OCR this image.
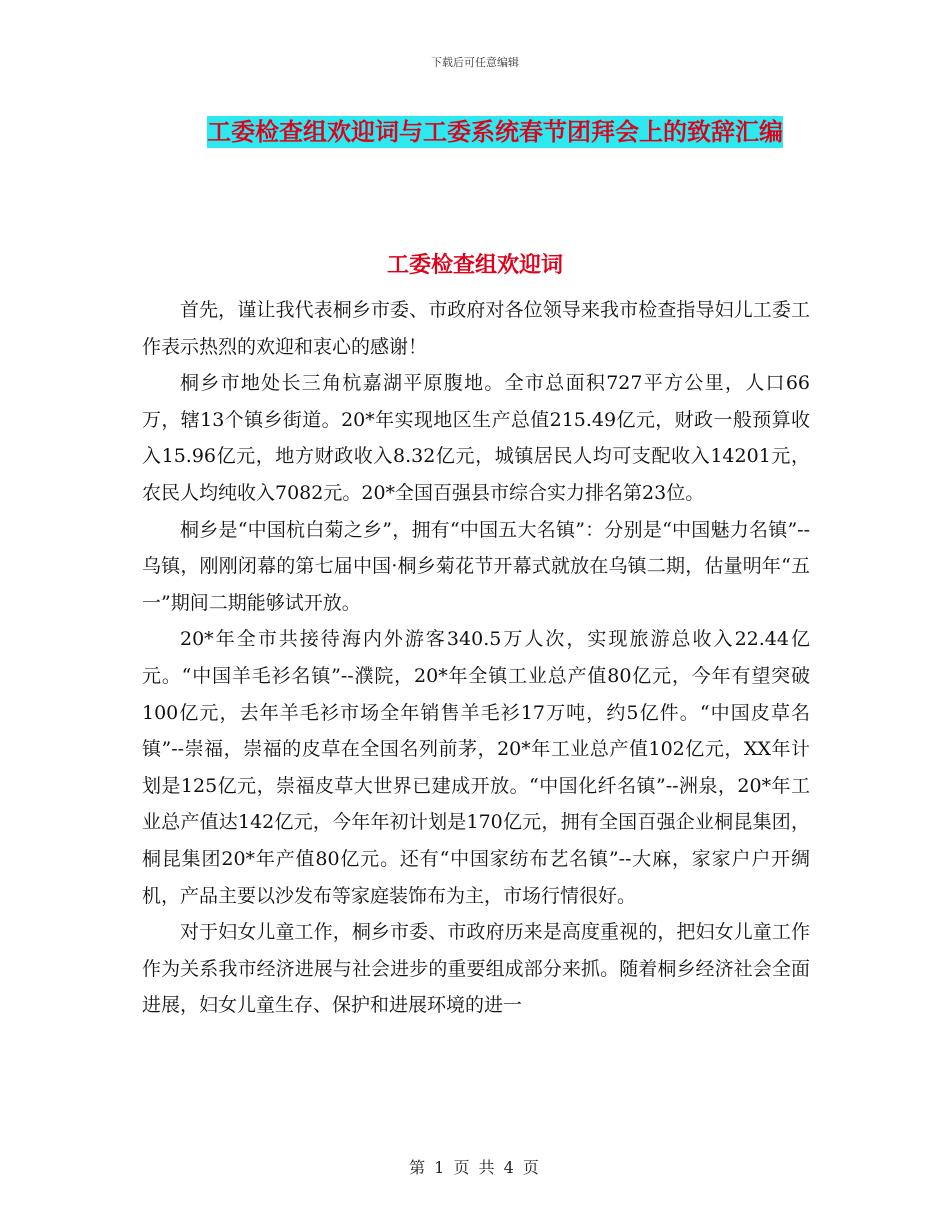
下载后可任意编辑
工委检查组欢迎词与工委系统春节团拜会上的致辞汇编
工委检查组欢迎词

首先，谨让我代表桐乡市委、市政府对各位领导来我市检查指导妇儿工委工作表示热烈的欢迎和衷心的感谢！

桐乡市地处长三角杭嘉湖平原腹地。全市总面积727平方公里，人口66万，辖13个镇乡街道。20*年实现地区生产总值215.49亿元，财政一般预算收入15.96亿元，地方财政收入8.32亿元，城镇居民人均可支配收入14201元，农民人均纯收入7082元。20*全国百强县市综合实力排名第23位。

桐乡是“中国杭白菊之乡”，拥有“中国五大名镇”：分别是“中国魅力名镇”--乌镇，刚刚闭幕的第七届中国·桐乡菊花节开幕式就放在乌镇二期，估量明年“五一”期间二期能够试开放。

20*年全市共接待海内外游客340.5万人次，实现旅游总收入22.44亿元。“中国羊毛衫名镇”--濮院，20*年全镇工业总产值80亿元，今年有望突破100亿元，去年羊毛衫市场全年销售羊毛衫17万吨，约5亿件。“中国皮草名镇”--崇福，崇福的皮草在全国名列前茅，20*年工业总产值102亿元，XX年计划是125亿元，崇福皮草大世界已建成开放。“中国化纤名镇”--洲泉，20*年工业总产值达142亿元，今年年初计划是170亿元，拥有全国百强企业桐昆集团，桐昆集团20*年产值80亿元。还有“中国家纺布艺名镇”--大麻，家家户户开绸机，产品主要以沙发布等家庭装饰布为主，市场行情很好。

对于妇女儿童工作，桐乡市委、市政府历来是高度重视的，把妇女儿童工作作为关系我市经济进展与社会进步的重要组成部分来抓。随着桐乡经济社会全面进展，妇女儿童生存、保护和进展环境的进一

第 1 页 共 4 页
